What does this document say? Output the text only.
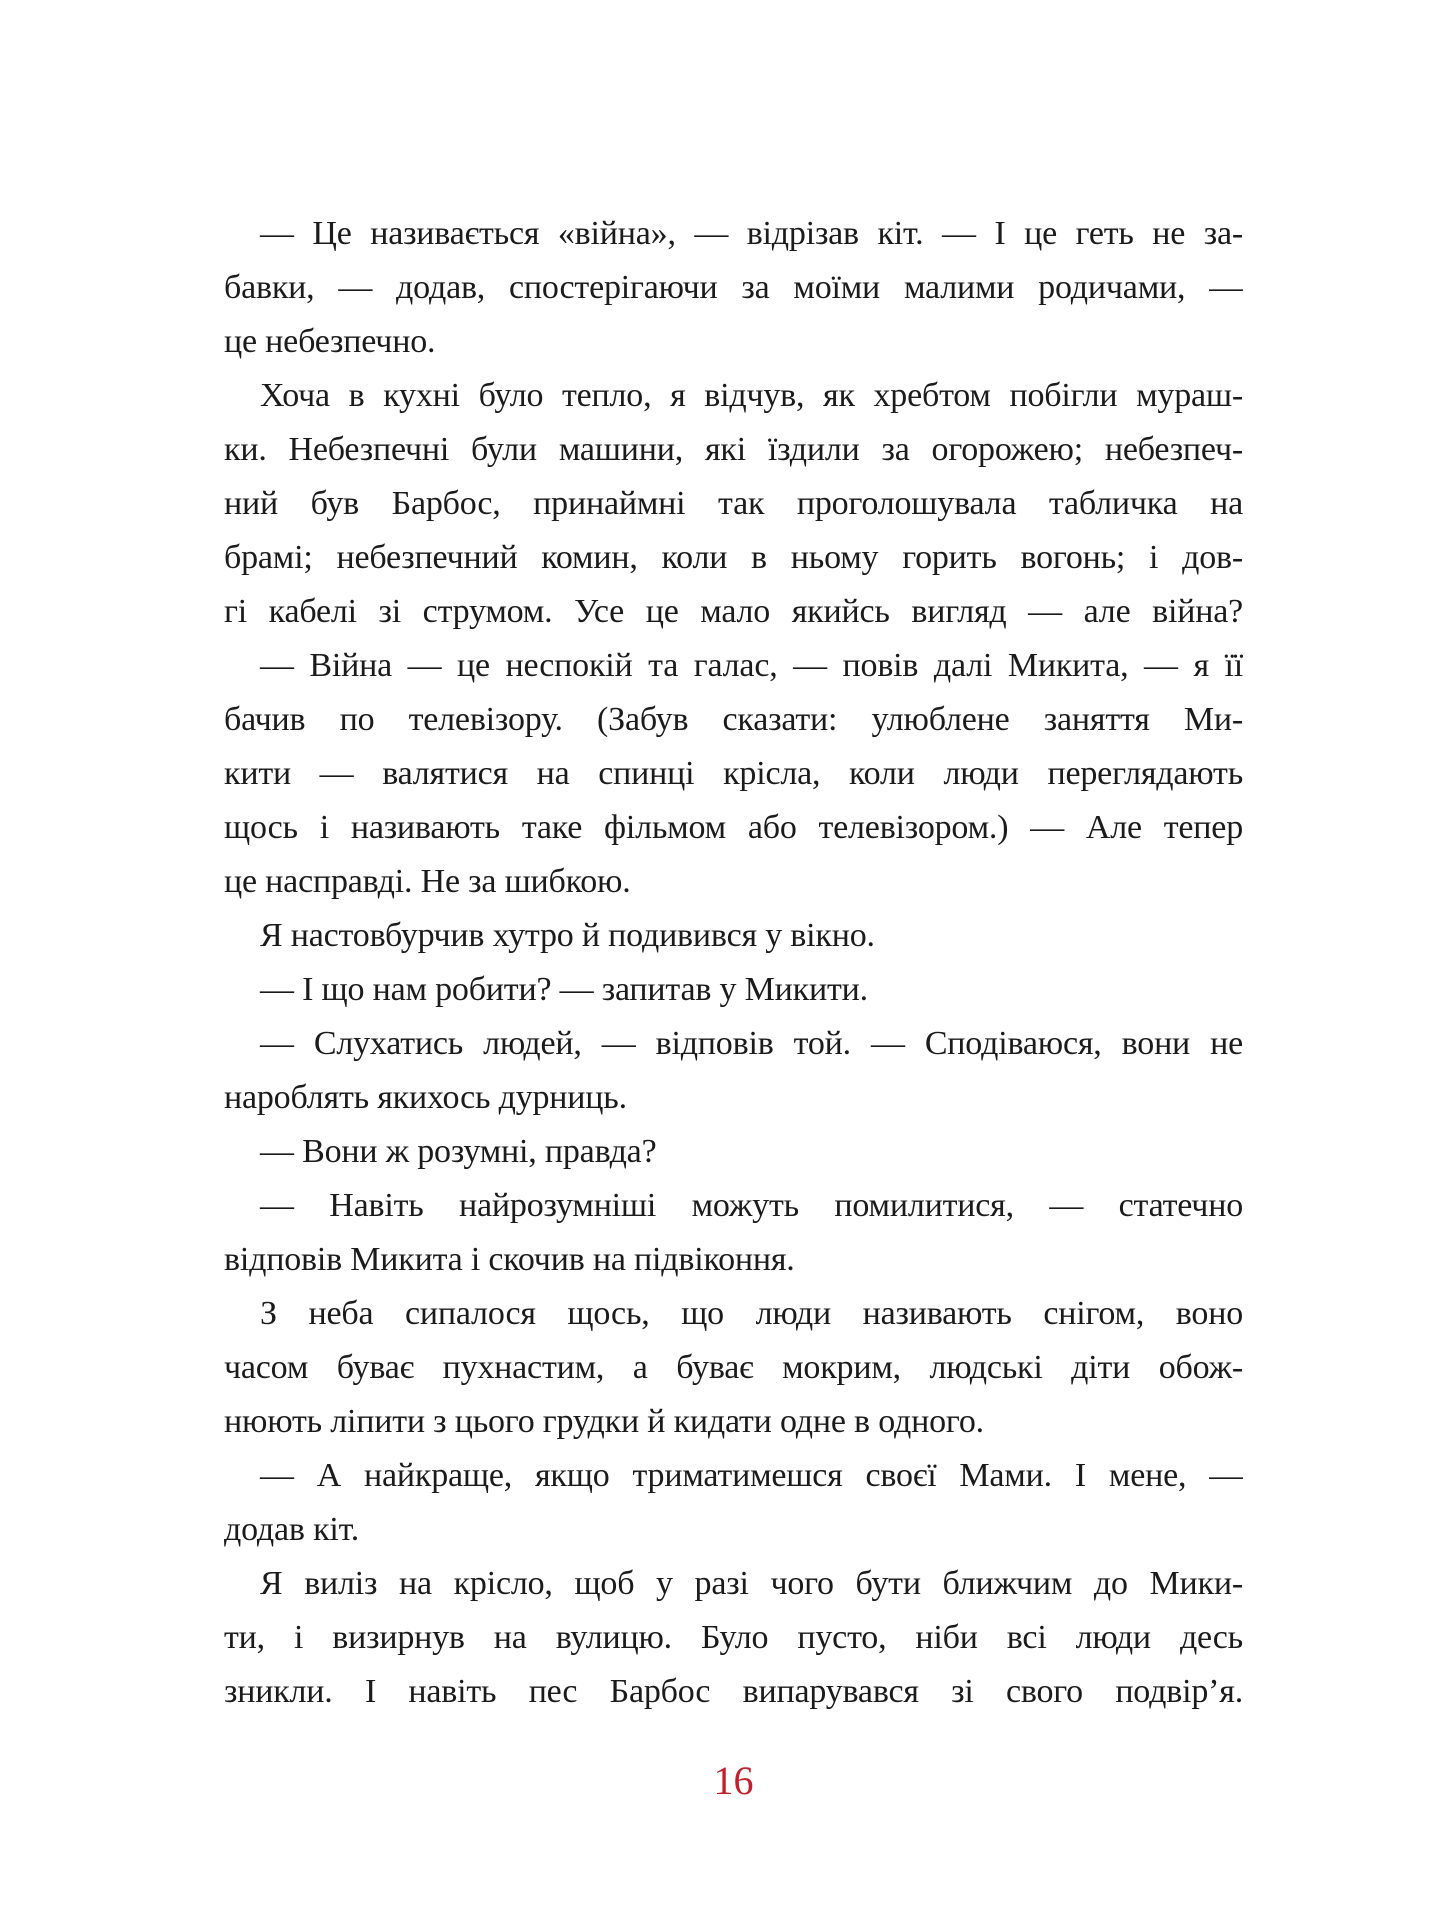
— Це називається «війна», — відрізав кіт. — І це геть не за-
бавки, — додав, спостерігаючи за моїми малими родичами, —
це небезпечно.
Хоча в кухні було тепло, я відчув, як хребтом побігли мураш-
ки. Небезпечні були машини, які їздили за огорожею; небезпеч-
ний був Барбос, принаймні так проголошувала табличка на
брамі; небезпечний комин, коли в ньому горить вогонь; і дов-
гі кабелі зі струмом. Усе це мало якийсь вигляд — але війна?
— Війна — це неспокій та галас, — повів далі Микита, — я її
бачив по телевізору. (Забув сказати: улюблене заняття Ми-
кити — валятися на спинці крісла, коли люди переглядають
щось і називають таке фільмом або телевізором.) — Але тепер
це насправді. Не за шибкою.
Я настовбурчив хутро й подивився у вікно.
— І що нам робити? — запитав у Микити.
— Слухатись людей, — відповів той. — Сподіваюся, вони не
нароблять якихось дурниць.
— Вони ж розумні, правда?
— Навіть найрозумніші можуть помилитися, — статечно
відповів Микита і скочив на підвіконня.
З неба сипалося щось, що люди називають снігом, воно
часом буває пухнастим, а буває мокрим, людські діти обож-
нюють ліпити з цього грудки й кидати одне в одного.
— А найкраще, якщо триматимешся своєї Мами. І мене, —
додав кіт.
Я виліз на крісло, щоб у разі чого бути ближчим до Мики-
ти, і визирнув на вулицю. Було пусто, ніби всі люди десь
зникли. І навіть пес Барбос випарувався зі свого подвір’я.
16
